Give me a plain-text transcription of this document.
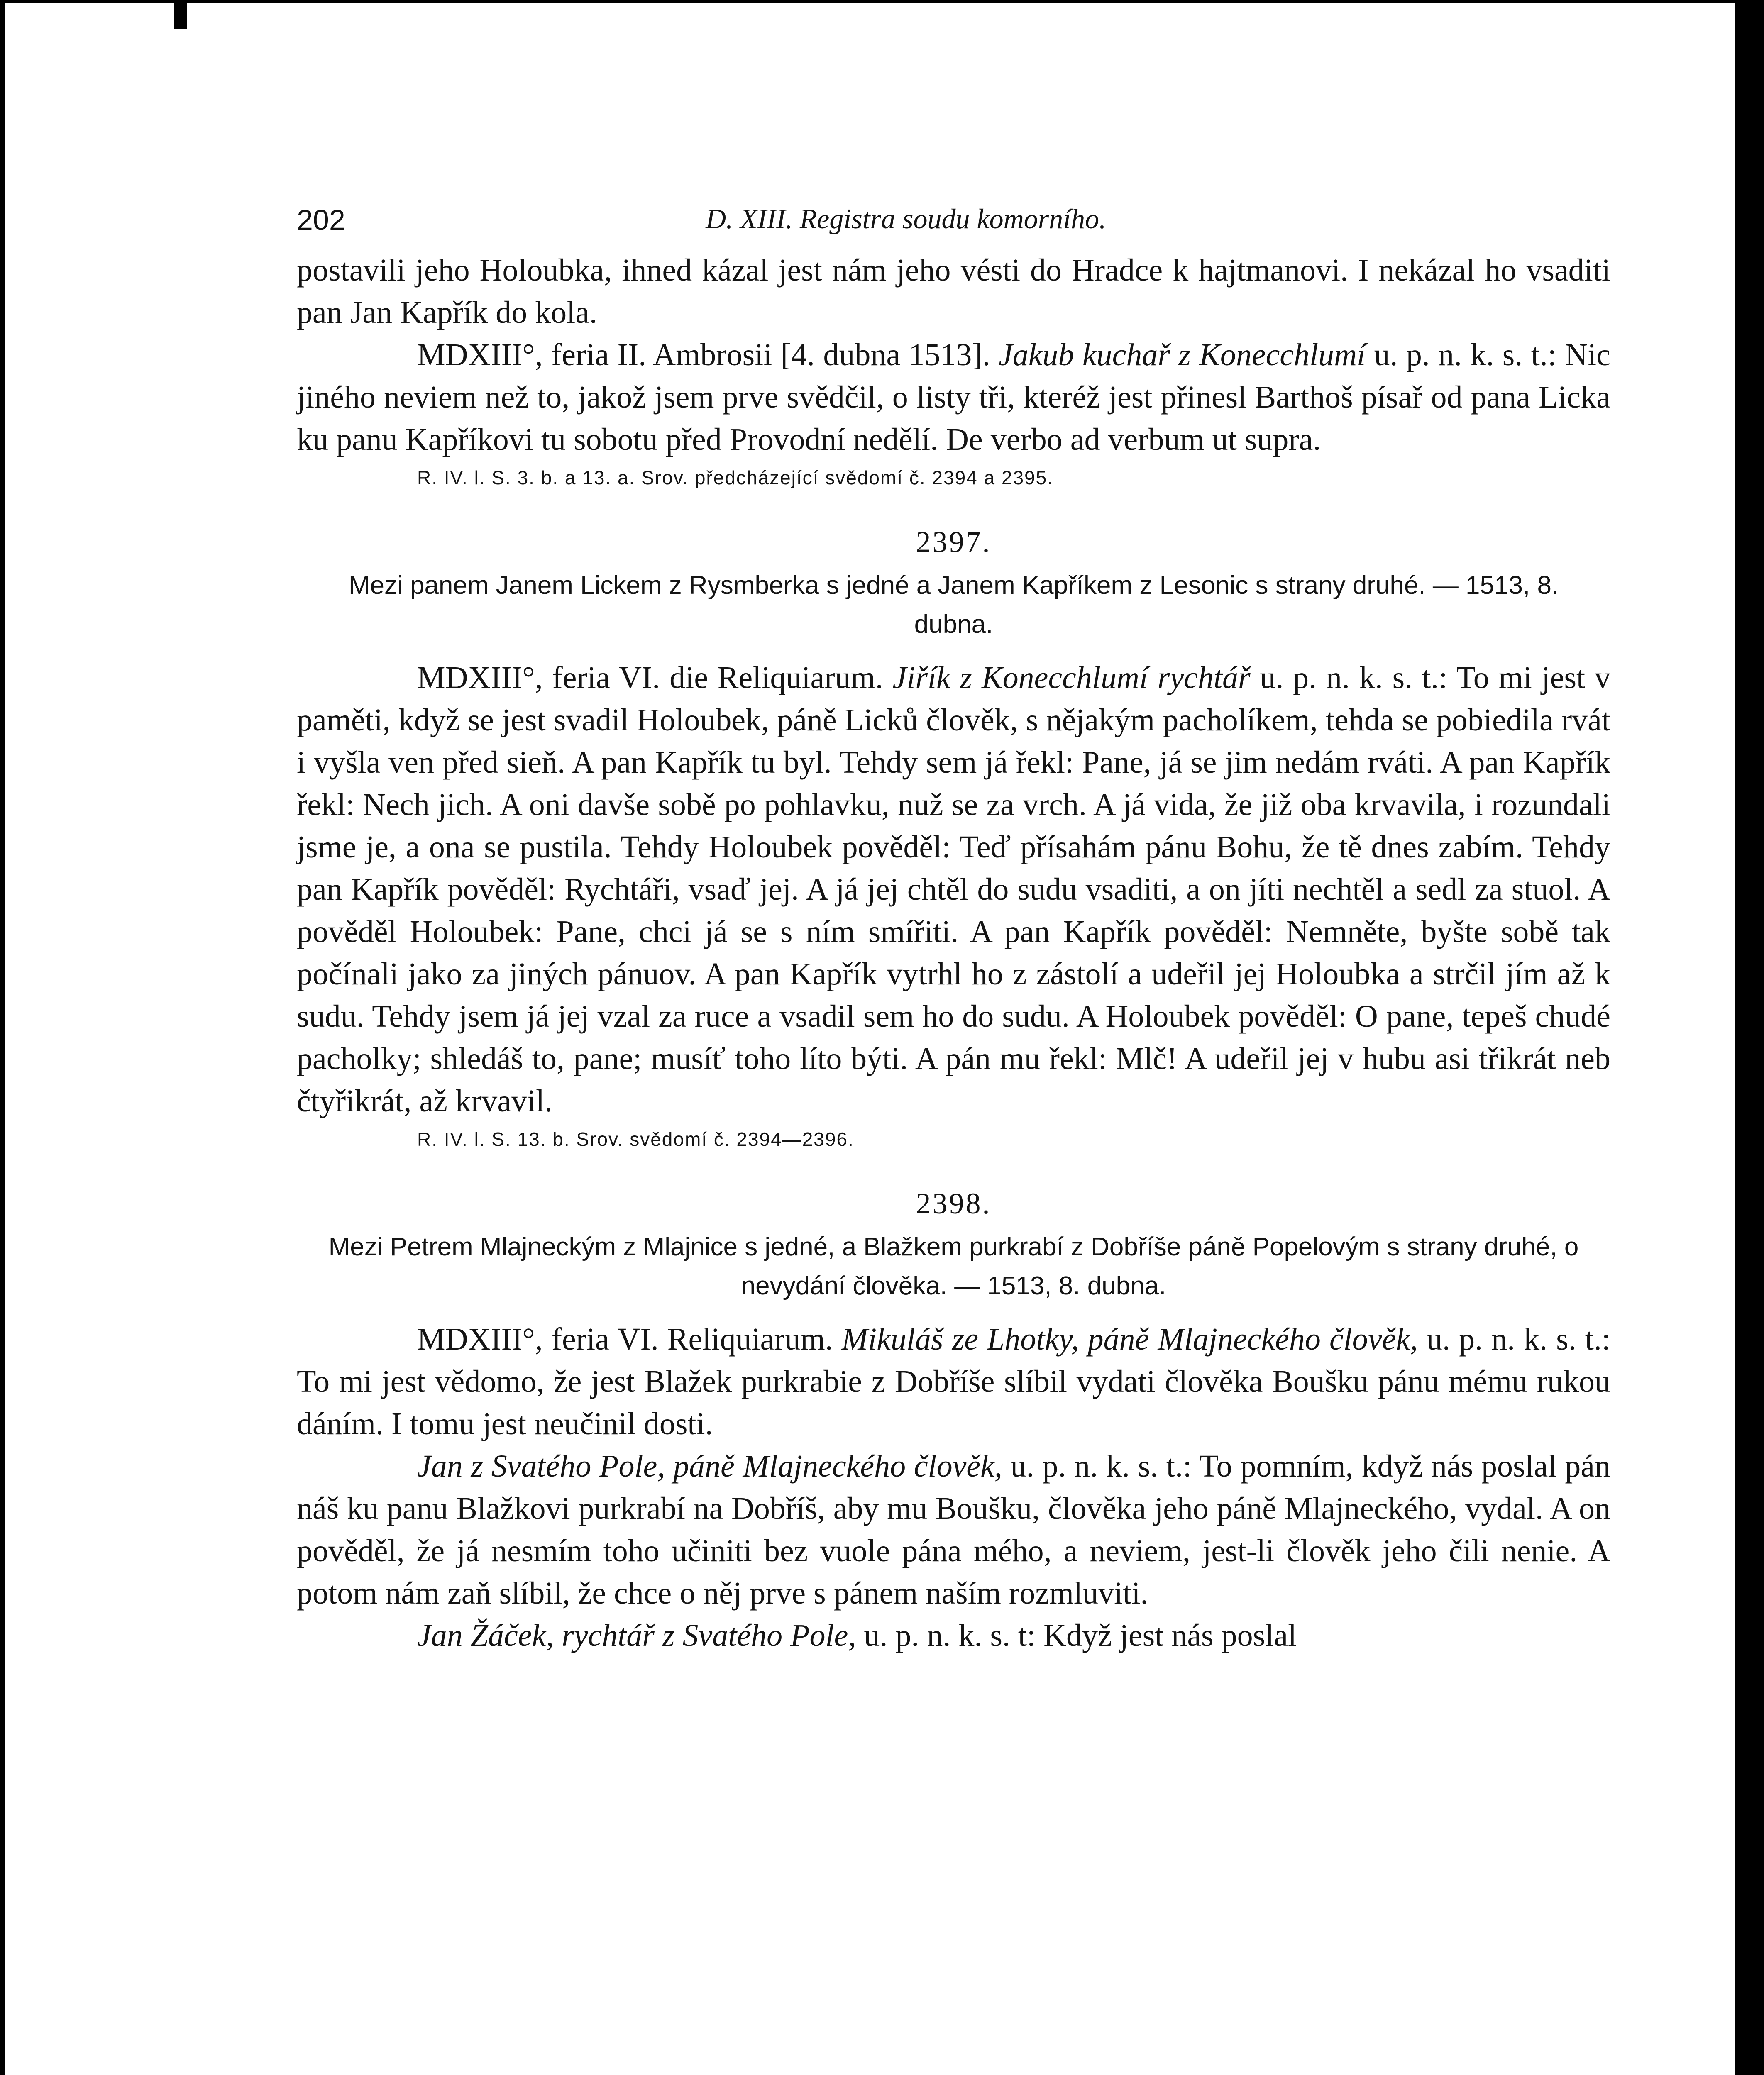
202	D. XIII. Registra soudu komorního.

postavili jeho Holoubka, ihned kázal jest nám jeho vésti do Hradce k hajtmanovi. I nekázal ho vsaditi pan Jan Kapřík do kola.

MDXIII°, feria II. Ambrosii [4. dubna 1513]. Jakub kuchař z Konecchlumí u. p. n. k. s. t.: Nic jiného neviem než to, jakož jsem prve svědčil, o listy tři, kteréž jest přinesl Barthoš písař od pana Licka ku panu Kapříkovi tu sobotu před Provodní nedělí. De verbo ad verbum ut supra.

R. IV. l. S. 3. b. a 13. a. Srov. předcházející svědomí č. 2394 a 2395.
2397.
Mezi panem Janem Lickem z Rysmberka s jedné a Janem Kapříkem z Lesonic s strany druhé. — 1513, 8. dubna.

MDXIII°, feria VI. die Reliquiarum. Jiřík z Konecchlumí rychtář u. p. n. k. s. t.: To mi jest v paměti, když se jest svadil Holoubek, páně Licků člověk, s nějakým pacholíkem, tehda se pobiedila rvát i vyšla ven před sieň. A pan Kapřík tu byl. Tehdy sem já řekl: Pane, já se jim nedám rváti. A pan Kapřík řekl: Nech jich. A oni davše sobě po pohlavku, nuž se za vrch. A já vida, že již oba krvavila, i rozundali jsme je, a ona se pustila. Tehdy Holoubek pověděl: Teď přísahám pánu Bohu, že tě dnes zabím. Tehdy pan Kapřík pověděl: Rychtáři, vsaď jej. A já jej chtěl do sudu vsaditi, a on jíti nechtěl a sedl za stuol. A pověděl Holoubek: Pane, chci já se s ním smířiti. A pan Kapřík pověděl: Nemněte, byšte sobě tak počínali jako za jiných pánuov. A pan Kapřík vytrhl ho z zástolí a udeřil jej Holoubka a strčil jím až k sudu. Tehdy jsem já jej vzal za ruce a vsadil sem ho do sudu. A Holoubek pověděl: O pane, tepeš chudé pacholky; shledáš to, pane; musíť toho líto býti. A pán mu řekl: Mlč! A udeřil jej v hubu asi třikrát neb čtyřikrát, až krvavil.

R. IV. l. S. 13. b. Srov. svědomí č. 2394—2396.
2398.
Mezi Petrem Mlajneckým z Mlajnice s jedné, a Blažkem purkrabí z Dobříše páně Popelovým s strany druhé, o nevydání člověka. — 1513, 8. dubna.

MDXIII°, feria VI. Reliquiarum. Mikuláš ze Lhotky, páně Mlajneckého člověk, u. p. n. k. s. t.: To mi jest vědomo, že jest Blažek purkrabie z Dobříše slíbil vydati člověka Boušku pánu mému rukou dáním. I tomu jest neučinil dosti.

Jan z Svatého Pole, páně Mlajneckého člověk, u. p. n. k. s. t.: To pomním, když nás poslal pán náš ku panu Blažkovi purkrabí na Dobříš, aby mu Boušku, člověka jeho páně Mlajneckého, vydal. A on pověděl, že já nesmím toho učiniti bez vuole pána mého, a neviem, jest-li člověk jeho čili nenie. A potom nám zaň slíbil, že chce o něj prve s pánem naším rozmluviti.

Jan Žáček, rychtář z Svatého Pole, u. p. n. k. s. t: Když jest nás poslal
